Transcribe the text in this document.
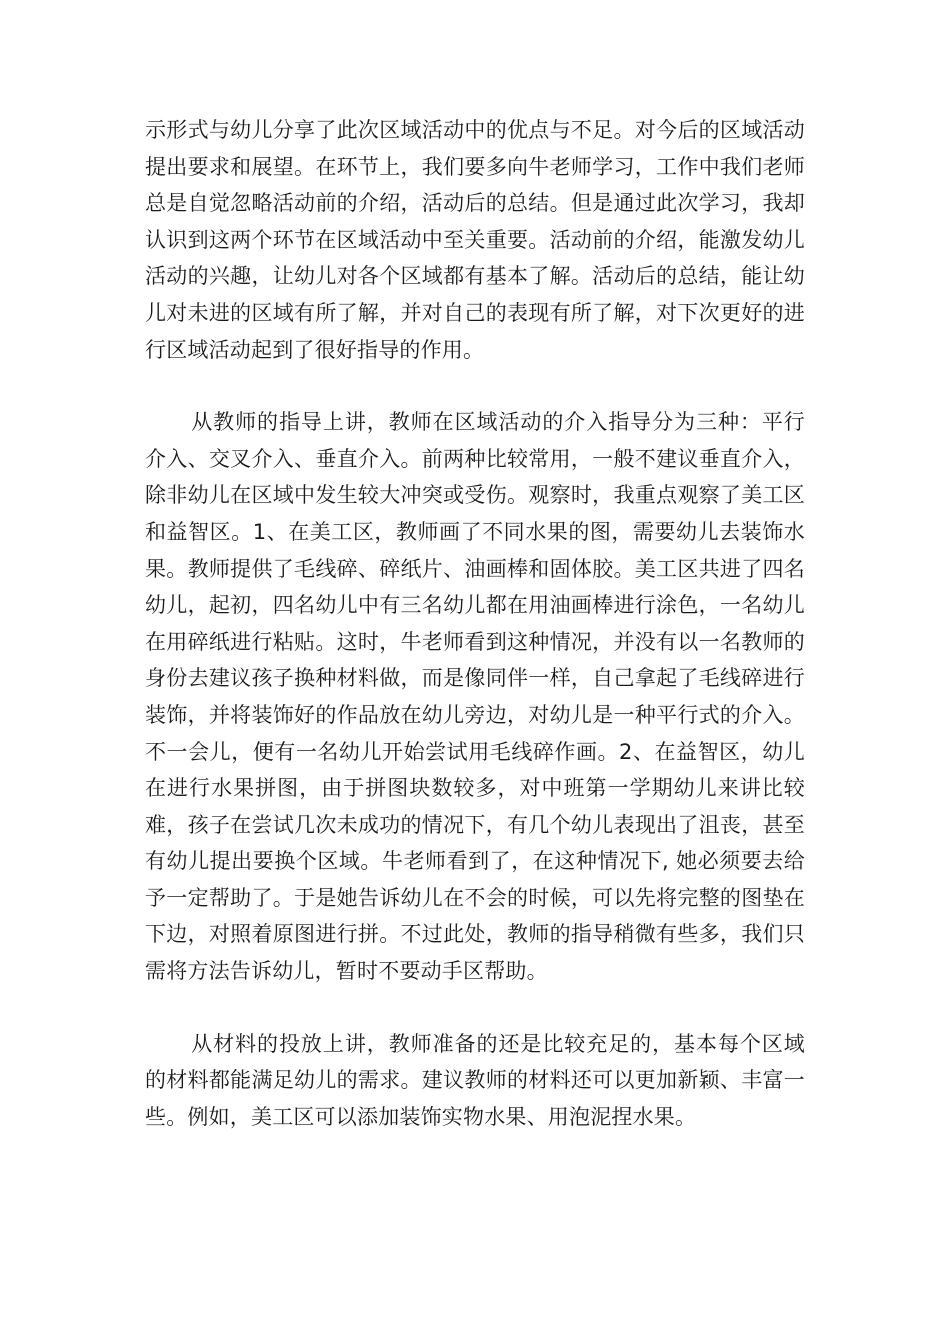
示形式与幼儿分享了此次区域活动中的优点与不足。对今后的区域活动提出要求和展望。在环节上，我们要多向牛老师学习，工作中我们老师总是自觉忽略活动前的介绍，活动后的总结。但是通过此次学习，我却认识到这两个环节在区域活动中至关重要。活动前的介绍，能激发幼儿活动的兴趣，让幼儿对各个区域都有基本了解。活动后的总结，能让幼儿对未进的区域有所了解，并对自己的表现有所了解，对下次更好的进行区域活动起到了很好指导的作用。

从教师的指导上讲，教师在区域活动的介入指导分为三种：平行介入、交叉介入、垂直介入。前两种比较常用，一般不建议垂直介入，除非幼儿在区域中发生较大冲突或受伤。观察时，我重点观察了美工区和益智区。1、在美工区，教师画了不同水果的图，需要幼儿去装饰水果。教师提供了毛线碎、碎纸片、油画棒和固体胶。美工区共进了四名幼儿，起初，四名幼儿中有三名幼儿都在用油画棒进行涂色，一名幼儿在用碎纸进行粘贴。这时，牛老师看到这种情况，并没有以一名教师的身份去建议孩子换种材料做，而是像同伴一样，自己拿起了毛线碎进行装饰，并将装饰好的作品放在幼儿旁边，对幼儿是一种平行式的介入。不一会儿，便有一名幼儿开始尝试用毛线碎作画。2、在益智区，幼儿在进行水果拼图，由于拼图块数较多，对中班第一学期幼儿来讲比较难，孩子在尝试几次未成功的情况下，有几个幼儿表现出了沮丧，甚至有幼儿提出要换个区域。牛老师看到了，在这种情况下, 她必须要去给予一定帮助了。于是她告诉幼儿在不会的时候，可以先将完整的图垫在下边，对照着原图进行拼。不过此处，教师的指导稍微有些多，我们只需将方法告诉幼儿，暂时不要动手区帮助。

从材料的投放上讲，教师准备的还是比较充足的，基本每个区域的材料都能满足幼儿的需求。建议教师的材料还可以更加新颖、丰富一些。例如，美工区可以添加装饰实物水果、用泡泥捏水果。
